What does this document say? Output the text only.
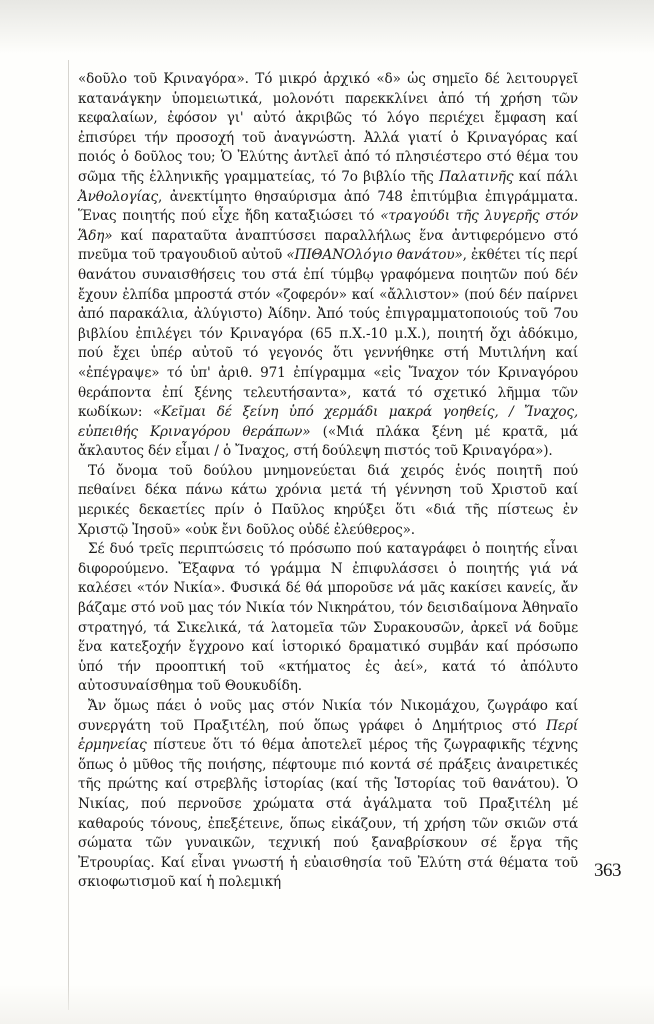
«δοῦλο τοῦ Κριναγόρα». Τό μικρό ἀρχικό «δ» ὡς σημεῖο δέ λειτουργεῖ κατανάγκην ὑπομειωτικά, μολονότι παρεκκλίνει ἀπό τή χρήση τῶν κεφαλαίων, ἐφόσον γι' αὐτό ἀκριβῶς τό λόγο περιέχει ἔμφαση καί ἐπισύρει τήν προσοχή τοῦ ἀναγνώστη. Ἀλλά γιατί ὁ Κριναγόρας καί ποιός ὁ δοῦλος του; Ὁ Ἐλύτης ἀντλεῖ ἀπό τό πλησιέστερο στό θέμα του σῶμα τῆς ἑλληνικῆς γραμματείας, τό 7ο βιβλίο τῆς Παλατινῆς καί πάλι Ἀνθολογίας, ἀνεκτίμητο θησαύρισμα ἀπό 748 ἐπιτύμβια ἐπιγράμματα. Ἕνας ποιητής πού εἶχε ἤδη καταξιώσει τό «τραγούδι τῆς λυγερῆς στόν Ἅδη» καί παραταῦτα ἀναπτύσσει παραλλήλως ἕνα ἀντιφερόμενο στό πνεῦμα τοῦ τραγουδιοῦ αὐτοῦ «ΠΙΘΑΝΟλόγιο θανάτου», ἐκθέτει τίς περί θανάτου συναισθήσεις του στά ἐπί τύμβῳ γραφόμενα ποιητῶν πού δέν ἔχουν ἐλπίδα μπροστά στόν «ζοφερόν» καί «ἄλλιστον» (πού δέν παίρνει ἀπό παρακάλια, ἀλύγιστο) Ἀίδην. Ἀπό τούς ἐπιγραμματοποιούς τοῦ 7ου βιβλίου ἐπιλέγει τόν Κριναγόρα (65 π.Χ.-10 μ.Χ.), ποιητή ὄχι ἀδόκιμο, πού ἔχει ὑπέρ αὐτοῦ τό γεγονός ὅτι γεννήθηκε στή Μυτιλήνη καί «ἐπέγραψε» τό ὑπ' ἀριθ. 971 ἐπίγραμμα «εἰς Ἴναχον τόν Κριναγόρου θεράποντα ἐπί ξένης τελευτήσαντα», κατά τό σχετικό λῆμμα τῶν κωδίκων: «Κεῖμαι δέ ξείνη ὑπό χερμάδι μακρά γοηθείς, / Ἴναχος, εὐπειθής Κριναγόρου θεράπων» («Μιά πλάκα ξένη μέ κρατᾶ, μά ἄκλαυτος δέν εἶμαι / ὁ Ἴναχος, στή δούλεψη πιστός τοῦ Κριναγόρα»).

Τό ὄνομα τοῦ δούλου μνημονεύεται διά χειρός ἑνός ποιητῆ πού πεθαίνει δέκα πάνω κάτω χρόνια μετά τή γέννηση τοῦ Χριστοῦ καί μερικές δεκαετίες πρίν ὁ Παῦλος κηρύξει ὅτι «διά τῆς πίστεως ἐν Χριστῷ Ἰησοῦ» «οὐκ ἔνι δοῦλος οὐδέ ἐλεύθερος».

Σέ δυό τρεῖς περιπτώσεις τό πρόσωπο πού καταγράφει ὁ ποιητής εἶναι διφορούμενο. Ἔξαφνα τό γράμμα Ν ἐπιφυλάσσει ὁ ποιητής γιά νά καλέσει «τόν Νικία». Φυσικά δέ θά μποροῦσε νά μᾶς κακίσει κανείς, ἄν βάζαμε στό νοῦ μας τόν Νικία τόν Νικηράτου, τόν δεισιδαίμονα Ἀθηναῖο στρατηγό, τά Σικελικά, τά λατομεῖα τῶν Συρακουσῶν, ἀρκεῖ νά δοῦμε ἕνα κατεξοχήν ἔγχρονο καί ἱστορικό δραματικό συμβάν καί πρόσωπο ὑπό τήν προοπτική τοῦ «κτήματος ἐς ἀεί», κατά τό ἀπόλυτο αὐτοσυναίσθημα τοῦ Θουκυδίδη.

Ἄν ὅμως πάει ὁ νοῦς μας στόν Νικία τόν Νικομάχου, ζωγράφο καί συνεργάτη τοῦ Πραξιτέλη, πού ὅπως γράφει ὁ Δημήτριος στό Περί ἑρμηνείας πίστευε ὅτι τό θέμα ἀποτελεῖ μέρος τῆς ζωγραφικῆς τέχνης ὅπως ὁ μῦθος τῆς ποιήσης, πέφτουμε πιό κοντά σέ πράξεις ἀναιρετικές τῆς πρώτης καί στρεβλῆς ἱστορίας (καί τῆς Ἱστορίας τοῦ θανάτου). Ὁ Νικίας, πού περνοῦσε χρώματα στά ἀγάλματα τοῦ Πραξιτέλη μέ καθαρούς τόνους, ἐπεξέτεινε, ὅπως εἰκάζουν, τή χρήση τῶν σκιῶν στά σώματα τῶν γυναικῶν, τεχνική πού ξαναβρίσκουν σέ ἔργα τῆς Ἐτρουρίας. Καί εἶναι γνωστή ἡ εὐαισθησία τοῦ Ἐλύτη στά θέματα τοῦ σκιοφωτισμοῦ καί ἡ πολεμική

363
